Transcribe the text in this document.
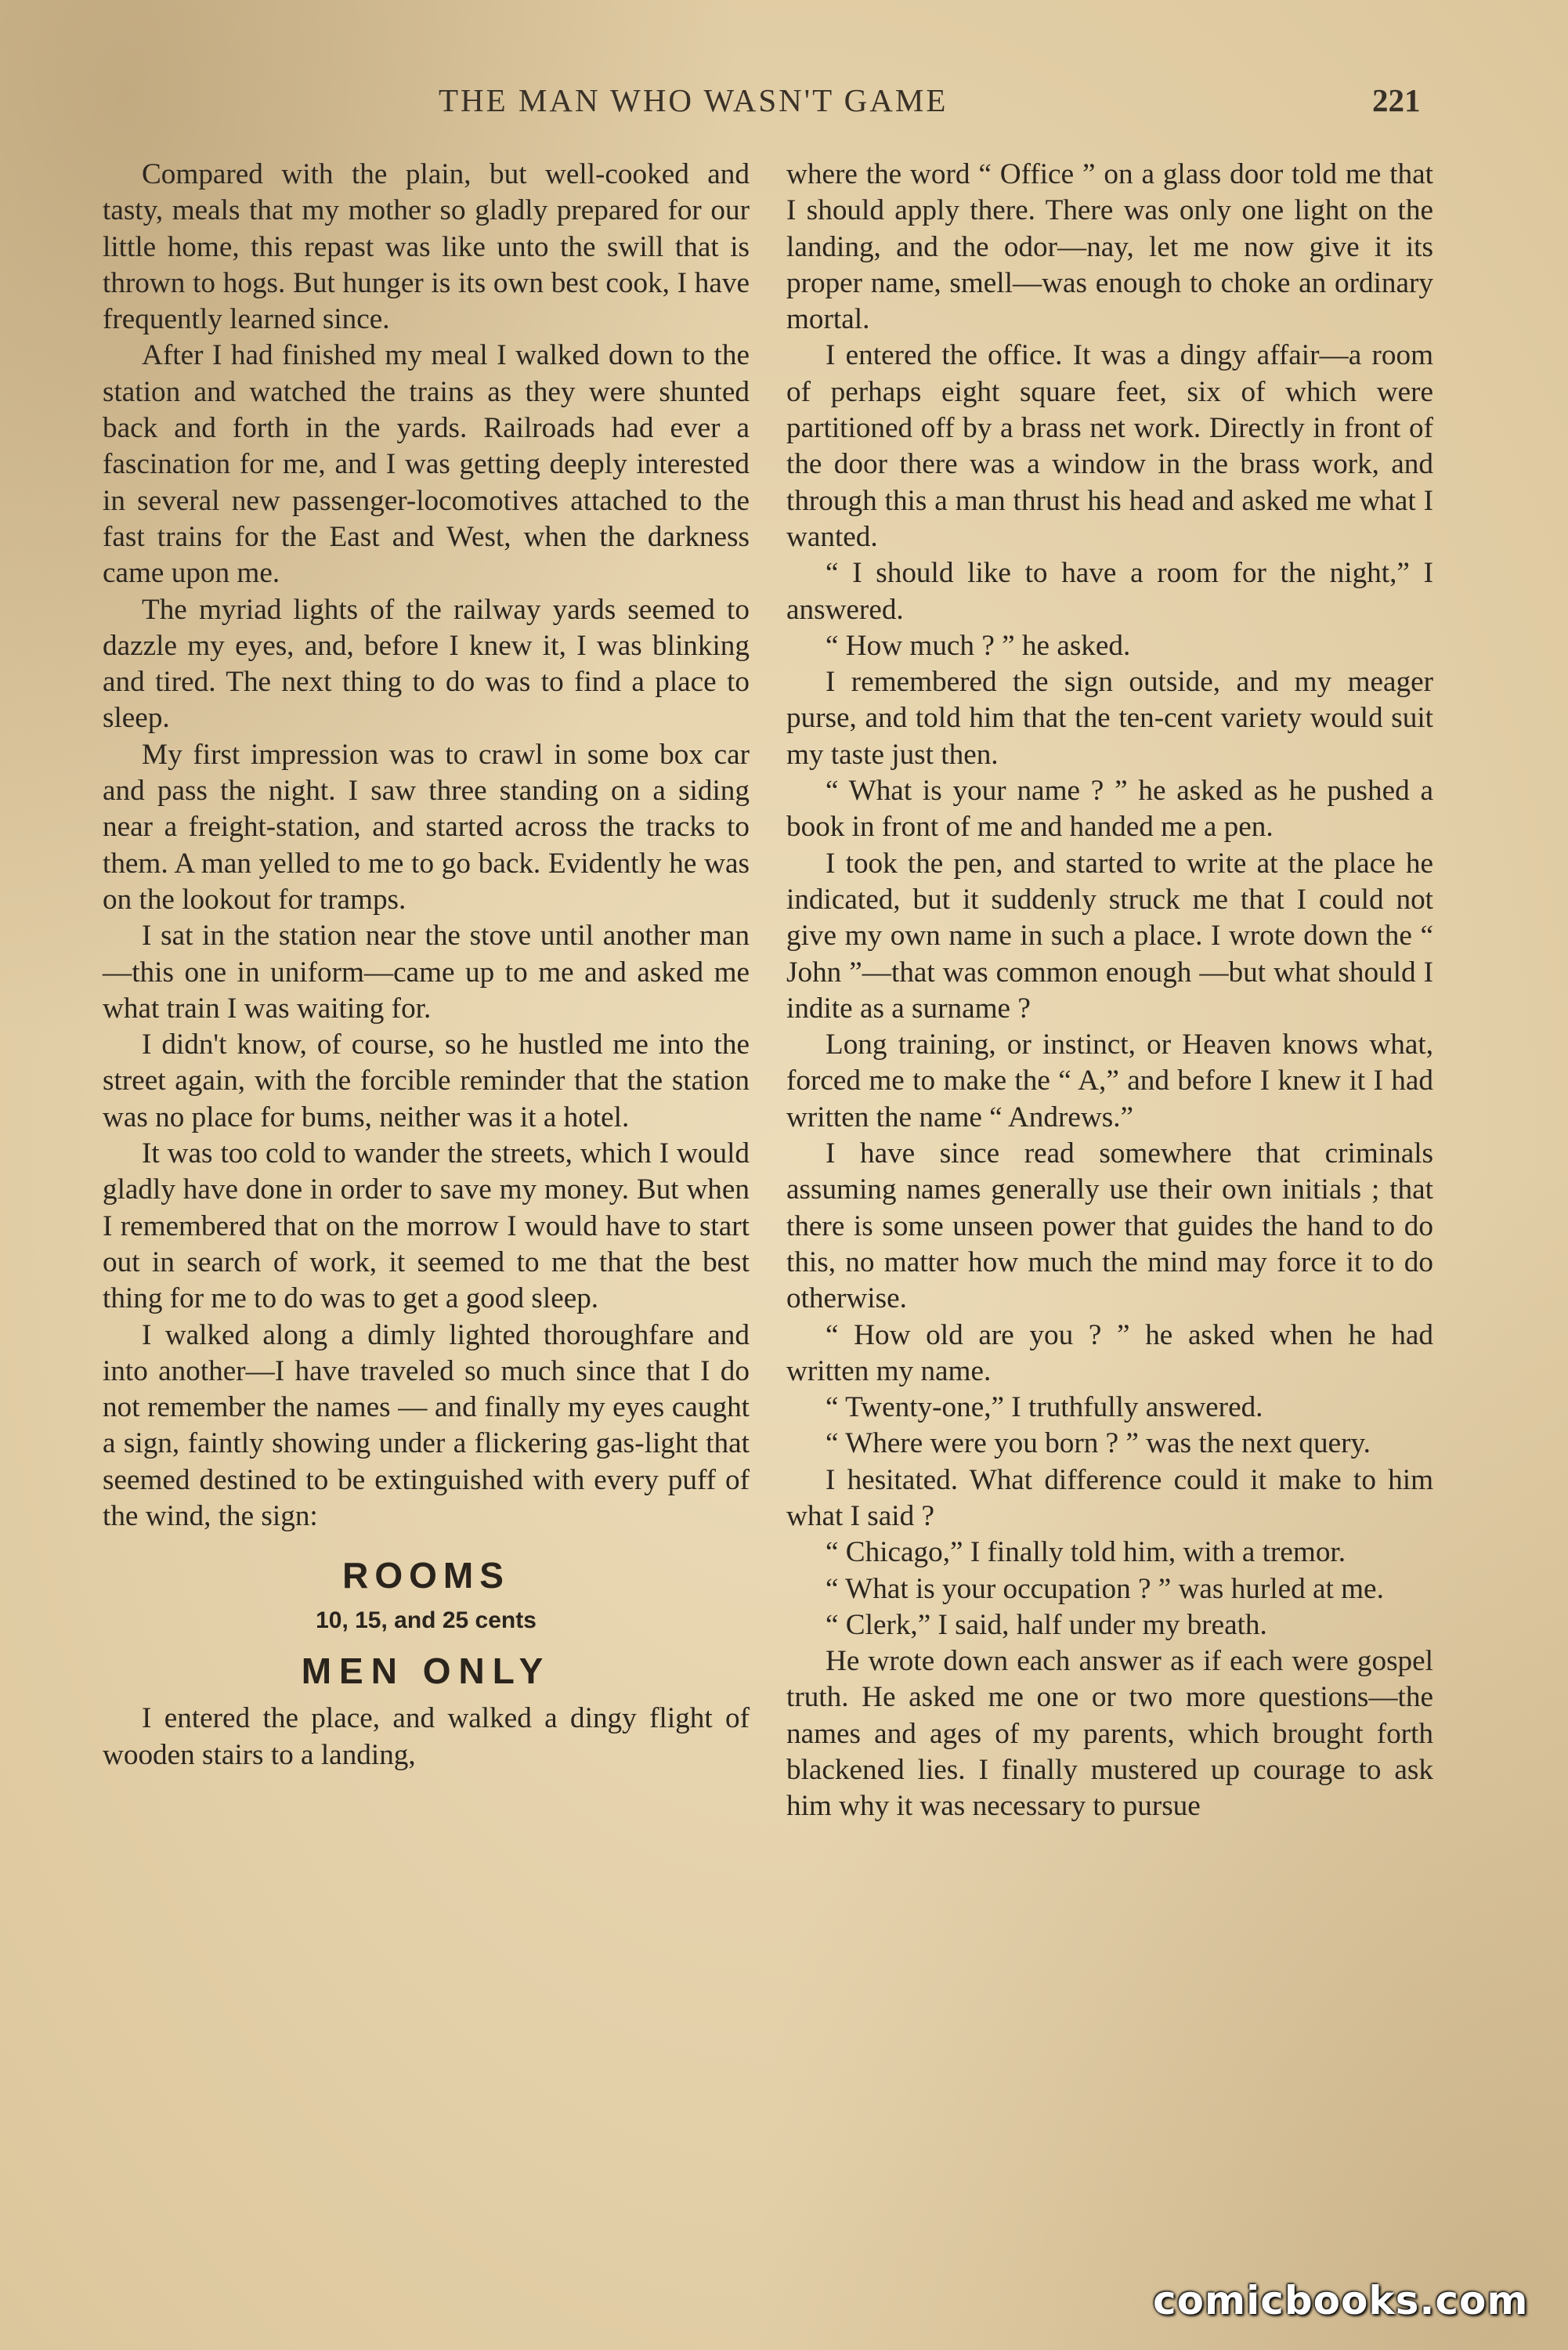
THE MAN WHO WASN'T GAME	221

Compared with the plain, but well-cooked and tasty, meals that my mother so gladly prepared for our little home, this repast was like unto the swill that is thrown to hogs. But hunger is its own best cook, I have frequently learned since.

After I had finished my meal I walked down to the station and watched the trains as they were shunted back and forth in the yards. Railroads had ever a fascination for me, and I was getting deeply interested in several new passenger-locomotives attached to the fast trains for the East and West, when the darkness came upon me.

The myriad lights of the railway yards seemed to dazzle my eyes, and, before I knew it, I was blinking and tired. The next thing to do was to find a place to sleep.

My first impression was to crawl in some box car and pass the night. I saw three standing on a siding near a freight-station, and started across the tracks to them. A man yelled to me to go back. Evidently he was on the lookout for tramps.

I sat in the station near the stove until another man—this one in uniform—came up to me and asked me what train I was waiting for.

I didn't know, of course, so he hustled me into the street again, with the forcible reminder that the station was no place for bums, neither was it a hotel.

It was too cold to wander the streets, which I would gladly have done in order to save my money. But when I remembered that on the morrow I would have to start out in search of work, it seemed to me that the best thing for me to do was to get a good sleep.

I walked along a dimly lighted thoroughfare and into another—I have traveled so much since that I do not remember the names — and finally my eyes caught a sign, faintly showing under a flickering gas-light that seemed destined to be extinguished with every puff of the wind, the sign:

ROOMS
10, 15, and 25 cents
MEN ONLY

I entered the place, and walked a dingy flight of wooden stairs to a landing,

where the word “ Office ” on a glass door told me that I should apply there. There was only one light on the landing, and the odor—nay, let me now give it its proper name, smell—was enough to choke an ordinary mortal.

I entered the office. It was a dingy affair—a room of perhaps eight square feet, six of which were partitioned off by a brass net work. Directly in front of the door there was a window in the brass work, and through this a man thrust his head and asked me what I wanted.

“ I should like to have a room for the night,” I answered.

“ How much ? ” he asked.

I remembered the sign outside, and my meager purse, and told him that the ten-cent variety would suit my taste just then.

“ What is your name ? ” he asked as he pushed a book in front of me and handed me a pen.

I took the pen, and started to write at the place he indicated, but it suddenly struck me that I could not give my own name in such a place. I wrote down the “ John ”—that was common enough —but what should I indite as a surname ?

Long training, or instinct, or Heaven knows what, forced me to make the “ A,” and before I knew it I had written the name “ Andrews.”

I have since read somewhere that criminals assuming names generally use their own initials ; that there is some unseen power that guides the hand to do this, no matter how much the mind may force it to do otherwise.

“ How old are you ? ” he asked when he had written my name.

“ Twenty-one,” I truthfully answered.

“ Where were you born ? ” was the next query.

I hesitated. What difference could it make to him what I said ?

“ Chicago,” I finally told him, with a tremor.

“ What is your occupation ? ” was hurled at me.

“ Clerk,” I said, half under my breath.

He wrote down each answer as if each were gospel truth. He asked me one or two more questions—the names and ages of my parents, which brought forth blackened lies. I finally mustered up courage to ask him why it was necessary to pursue

comicbooks.com
